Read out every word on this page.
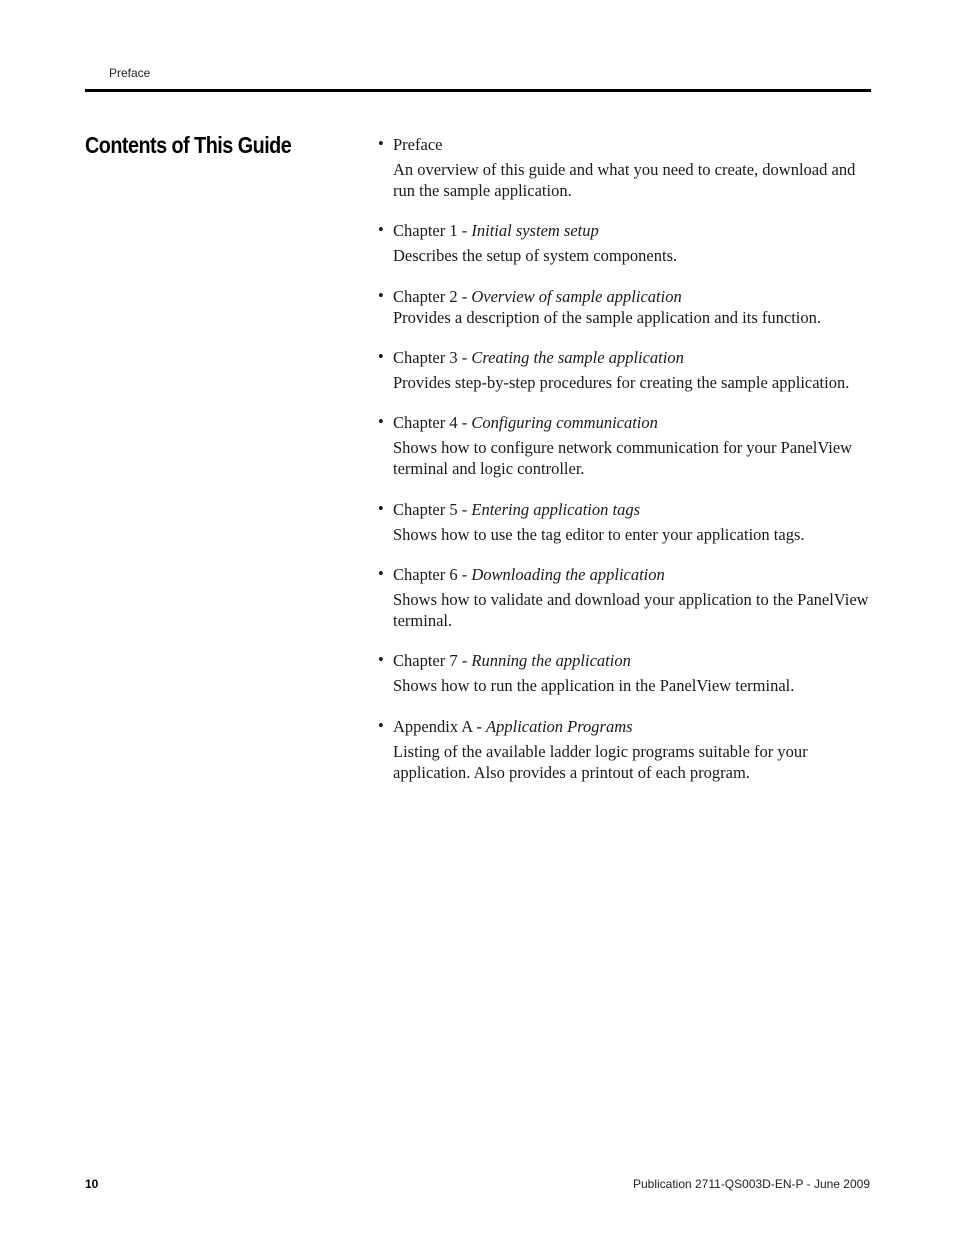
Preface
Contents of This Guide	• Preface
An overview of this guide and what you need to create, download and run the sample application.
• Chapter 1 - Initial system setup
Describes the setup of system components.
• Chapter 2 - Overview of sample application
Provides a description of the sample application and its function.
• Chapter 3 - Creating the sample application
Provides step-by-step procedures for creating the sample application.
• Chapter 4 - Configuring communication
Shows how to configure network communication for your PanelView terminal and logic controller.
• Chapter 5 - Entering application tags
Shows how to use the tag editor to enter your application tags.
• Chapter 6 - Downloading the application
Shows how to validate and download your application to the PanelView terminal.
• Chapter 7 - Running the application
Shows how to run the application in the PanelView terminal.
• Appendix A - Application Programs
Listing of the available ladder logic programs suitable for your application. Also provides a printout of each program.
10	Publication 2711-QS003D-EN-P - June 2009
